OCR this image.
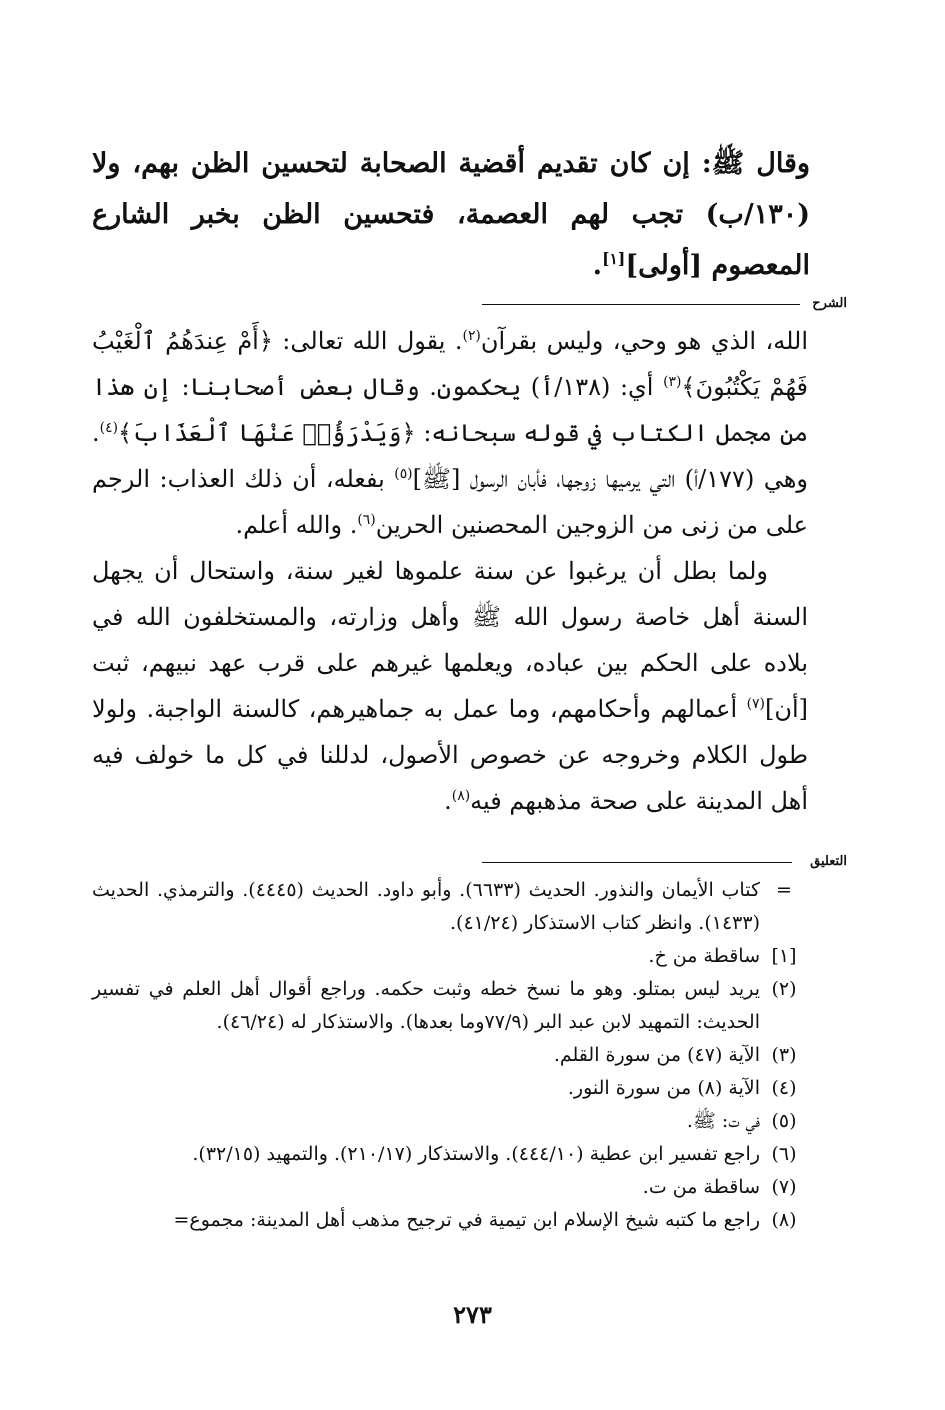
وقال ﷺ: إن كان تقديم أقضية الصحابة لتحسين الظن بهم، ولا (١٣٠/ب) تجب لهم العصمة، فتحسين الظن بخبر الشارع المعصوم [أولى][١].

الشرح

الله، الذي هو وحي، وليس بقرآن$^{(٢)}$. يقول الله تعالى: ﴿أَمْ عِندَهُمُ ٱلْغَيْبُ فَهُمْ يَكْتُبُونَ﴾$^{(٣)}$ أي: (١٣٨/أ) يحكمون. وقال بعض أصحابنا: إن هذا من مجمل الكتاب في قوله سبحانه: ﴿وَيَدْرَؤُا۟ عَنْهَا ٱلْعَذَابَ﴾$^{(٤)}$. وهي (١٧٧/أ) التي يرميها زوجها، فأبان الرسول [ﷺ]$^{(٥)}$ بفعله، أن ذلك العذاب: الرجم على من زنى من الزوجين المحصنين الحرين$^{(٦)}$. والله أعلم.

ولما بطل أن يرغبوا عن سنة علموها لغير سنة، واستحال أن يجهل السنة أهل خاصة رسول الله ﷺ وأهل وزارته، والمستخلفون الله في بلاده على الحكم بين عباده، ويعلمها غيرهم على قرب عهد نبيهم، ثبت [أن]$^{(٧)}$ أعمالهم وأحكامهم، وما عمل به جماهيرهم، كالسنة الواجبة. ولولا طول الكلام وخروجه عن خصوص الأصول، لدللنا في كل ما خولف فيه أهل المدينة على صحة مذهبهم فيه$^{(٨)}$.

التعليق
=
كتاب الأيمان والنذور. الحديث (٦٦٣٣). وأبو داود. الحديث (٤٤٤٥). والترمذي. الحديث (١٤٣٣). وانظر كتاب الاستذكار (٤١/٢٤).
[١]
ساقطة من خ.
(٢)
يريد ليس بمتلو. وهو ما نسخ خطه وثبت حكمه. وراجع أقوال أهل العلم في تفسير الحديث: التمهيد لابن عبد البر (٧٧/٩وما بعدها). والاستذكار له (٤٦/٢٤).
(٣)
الآية (٤٧) من سورة القلم.
(٤)
الآية (٨) من سورة النور.
(٥)
في ت: ﷺ.
(٦)
راجع تفسير ابن عطية (٤٤٤/١٠). والاستذكار (٢١٠/١٧). والتمهيد (٣٢/١٥).
(٧)
ساقطة من ت.
(٨)
راجع ما كتبه شيخ الإسلام ابن تيمية في ترجيح مذهب أهل المدينة: مجموع=
٢٧٣
